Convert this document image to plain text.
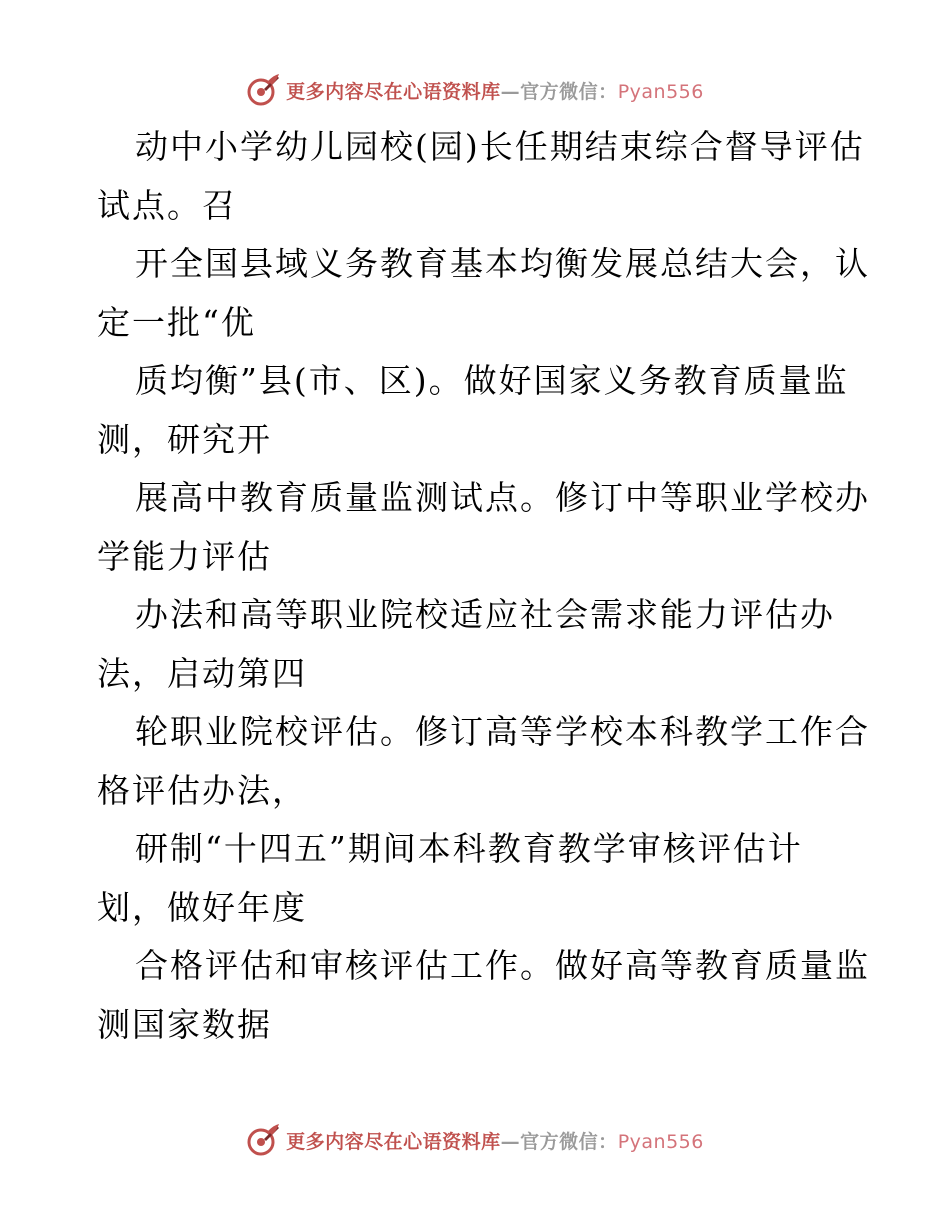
更多内容尽在心语资料库—官方微信：Pyan556

动中小学幼儿园校(园)长任期结束综合督导评估
试点。召

开全国县域义务教育基本均衡发展总结大会，认
定一批“优

质均衡”县(市、区)。做好国家义务教育质量监
测，研究开

展高中教育质量监测试点。修订中等职业学校办
学能力评估

办法和高等职业院校适应社会需求能力评估办
法，启动第四

轮职业院校评估。修订高等学校本科教学工作合
格评估办法，

研制“十四五”期间本科教育教学审核评估计
划，做好年度

合格评估和审核评估工作。做好高等教育质量监
测国家数据

更多内容尽在心语资料库—官方微信：Pyan556
